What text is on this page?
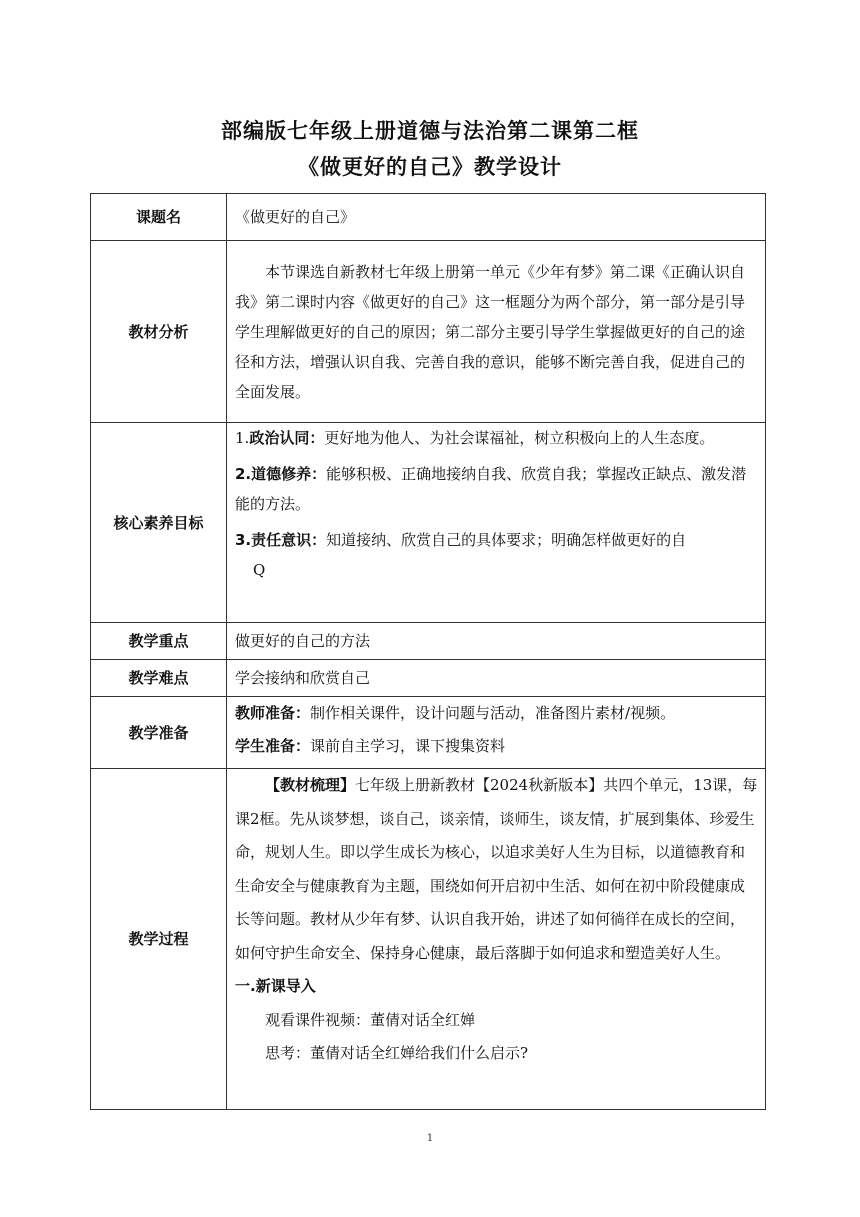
部编版七年级上册道德与法治第二课第二框
《做更好的自己》教学设计
课题名	《做更好的自己》
教材分析	本节课选自新教材七年级上册第一单元《少年有梦》第二课《正确认识自我》第二课时内容《做更好的自己》这一框题分为两个部分，第一部分是引导学生理解做更好的自己的原因；第二部分主要引导学生掌握做更好的自己的途径和方法，增强认识自我、完善自我的意识，能够不断完善自我，促进自己的全面发展。

核心素养目标	1.政治认同：更好地为他人、为社会谋福祉，树立积极向上的人生态度。

2.道德修养：能够积极、正确地接纳自我、欣赏自我；掌握改正缺点、激发潜能的方法。

3.责任意识：知道接纳、欣赏自己的具体要求；明确怎样做更好的自
Q

教学重点	做更好的自己的方法
教学难点	学会接纳和欣赏自己
教学准备	教师准备：制作相关课件，设计问题与活动，准备图片素材/视频。

学生准备：课前自主学习，课下搜集资料

教学过程	【教材梳理】七年级上册新教材【2024秋新版本】共四个单元，13课，每课2框。先从谈梦想，谈自己，谈亲情，谈师生，谈友情，扩展到集体、珍爱生命，规划人生。即以学生成长为核心，以追求美好人生为目标，以道德教育和生命安全与健康教育为主题，围绕如何开启初中生活、如何在初中阶段健康成长等问题。教材从少年有梦、认识自我开始，讲述了如何徜徉在成长的空间，如何守护生命安全、保持身心健康，最后落脚于如何追求和塑造美好人生。

一.新课导入

观看课件视频：董倩对话全红婵

思考：董倩对话全红婵给我们什么启示?

1
